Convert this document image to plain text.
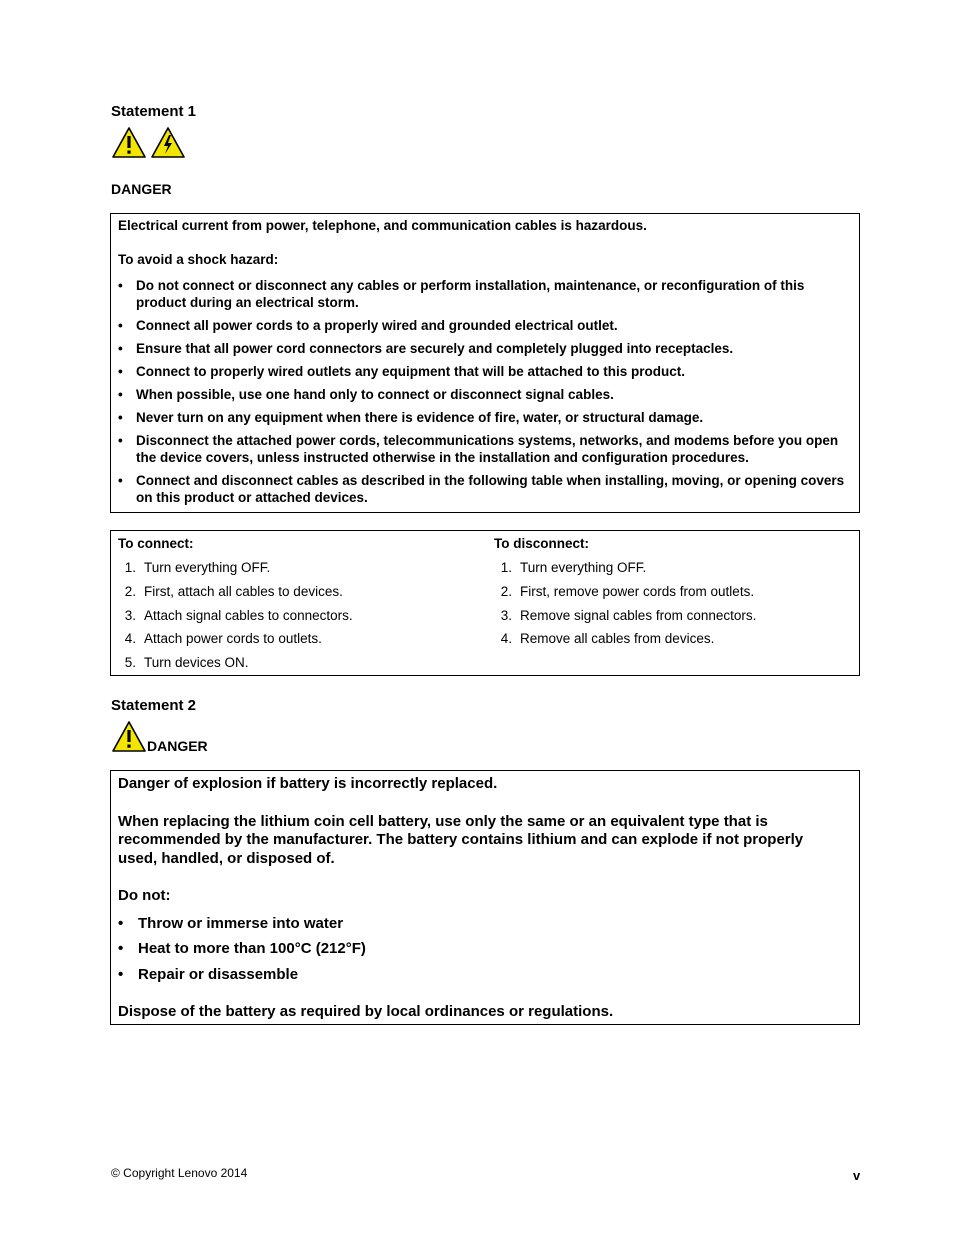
Statement 1
DANGER
Electrical current from power, telephone, and communication cables is hazardous.
To avoid a shock hazard:
• Do not connect or disconnect any cables or perform installation, maintenance, or reconfiguration of this product during an electrical storm.
• Connect all power cords to a properly wired and grounded electrical outlet.
• Ensure that all power cord connectors are securely and completely plugged into receptacles.
• Connect to properly wired outlets any equipment that will be attached to this product.
• When possible, use one hand only to connect or disconnect signal cables.
• Never turn on any equipment when there is evidence of fire, water, or structural damage.
• Disconnect the attached power cords, telecommunications systems, networks, and modems before you open the device covers, unless instructed otherwise in the installation and configuration procedures.
• Connect and disconnect cables as described in the following table when installing, moving, or opening covers on this product or attached devices.
To connect:
1. Turn everything OFF.
2. First, attach all cables to devices.
3. Attach signal cables to connectors.
4. Attach power cords to outlets.
5. Turn devices ON.
To disconnect:
1. Turn everything OFF.
2. First, remove power cords from outlets.
3. Remove signal cables from connectors.
4. Remove all cables from devices.
Statement 2
DANGER
Danger of explosion if battery is incorrectly replaced.
When replacing the lithium coin cell battery, use only the same or an equivalent type that is
recommended by the manufacturer. The battery contains lithium and can explode if not properly
used, handled, or disposed of.
Do not:
• Throw or immerse into water
• Heat to more than 100°C (212°F)
• Repair or disassemble
Dispose of the battery as required by local ordinances or regulations.
© Copyright Lenovo 2014	v
